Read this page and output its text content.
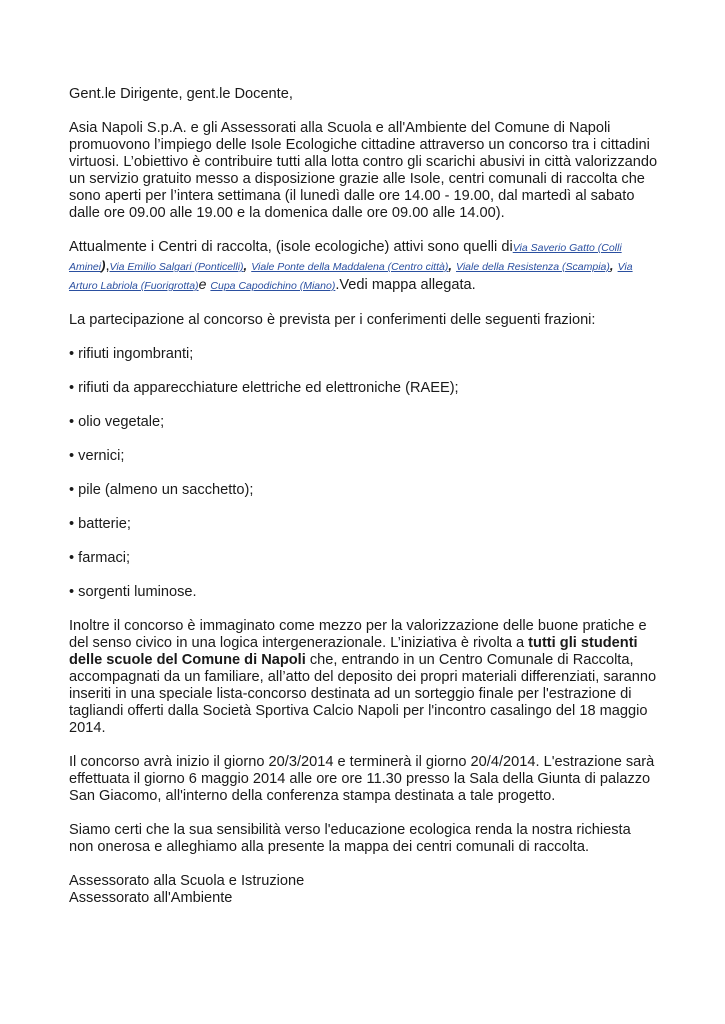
Gent.le Dirigente, gent.le Docente,

Asia Napoli S.p.A. e gli Assessorati alla Scuola e all'Ambiente del Comune di Napoli promuovono l’impiego delle Isole Ecologiche cittadine attraverso un concorso tra i cittadini virtuosi. L’obiettivo è contribuire tutti alla lotta contro gli scarichi abusivi in città valorizzando un servizio gratuito messo a disposizione grazie alle Isole, centri comunali di raccolta che sono aperti per l’intera settimana (il lunedì dalle ore 14.00 - 19.00, dal martedì al sabato dalle ore 09.00 alle 19.00 e la domenica dalle ore 09.00 alle 14.00).

Attualmente i Centri di raccolta, (isole ecologiche) attivi sono quelli diVia Saverio Gatto (Colli Aminei),Via Emilio Salgari (Ponticelli), Viale Ponte della Maddalena (Centro città), Viale della Resistenza (Scampia), Via Arturo Labriola (Fuorigrotta)e Cupa Capodichino (Miano).Vedi mappa allegata.

La partecipazione al concorso è prevista per i conferimenti delle seguenti frazioni:

• rifiuti ingombranti;
• rifiuti da apparecchiature elettriche ed elettroniche (RAEE);
• olio vegetale;
• vernici;
• pile (almeno un sacchetto);
• batterie;
• farmaci;
• sorgenti luminose.

Inoltre il concorso è immaginato come mezzo per la valorizzazione delle buone pratiche e del senso civico in una logica intergenerazionale. L’iniziativa è rivolta a tutti gli studenti delle scuole del Comune di Napoli che, entrando in un Centro Comunale di Raccolta, accompagnati da un familiare, all’atto del deposito dei propri materiali differenziati, saranno inseriti in una speciale lista-concorso destinata ad un sorteggio finale per l'estrazione di tagliandi offerti dalla Società Sportiva Calcio Napoli per l'incontro casalingo del 18 maggio 2014.

Il concorso avrà inizio il giorno 20/3/2014 e terminerà il giorno 20/4/2014. L'estrazione sarà effettuata il giorno 6 maggio 2014 alle ore ore 11.30 presso la Sala della Giunta di palazzo San Giacomo, all'interno della conferenza stampa destinata a tale progetto.

Siamo certi che la sua sensibilità verso l'educazione ecologica renda la nostra richiesta non onerosa e alleghiamo alla presente la mappa dei centri comunali di raccolta.

Assessorato alla Scuola e Istruzione
Assessorato all'Ambiente
